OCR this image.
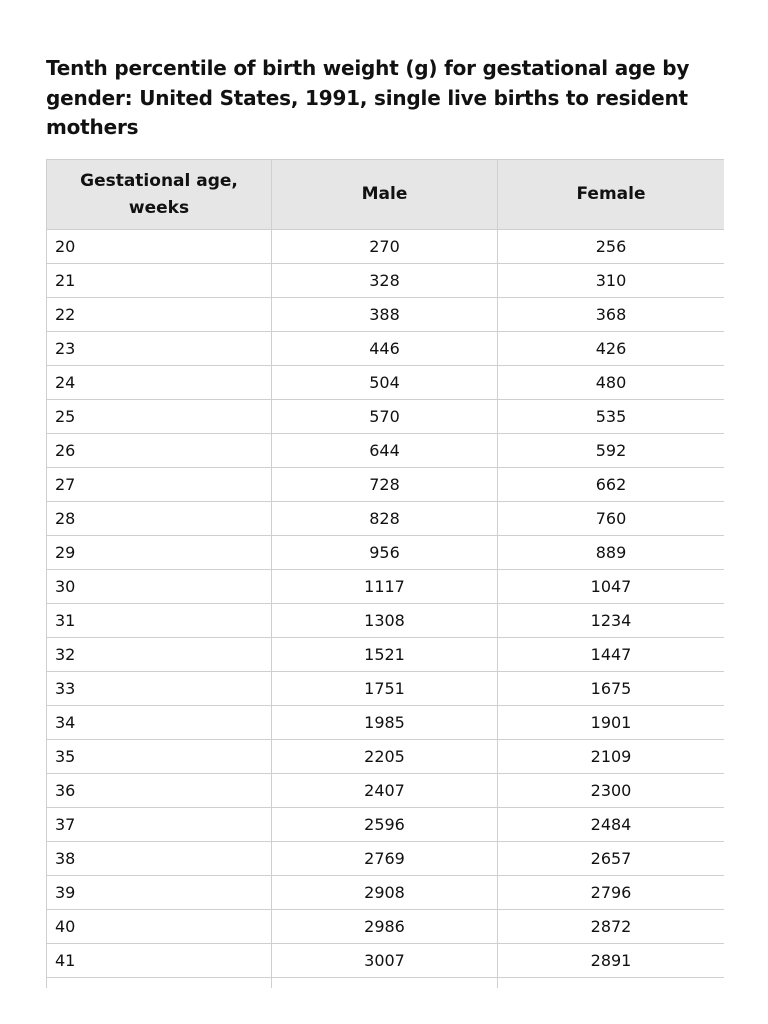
Tenth percentile of birth weight (g) for gestational age by gender: United States, 1991, single live births to resident mothers
Gestational age, weeks	Male	Female
20	270	256
21	328	310
22	388	368
23	446	426
24	504	480
25	570	535
26	644	592
27	728	662
28	828	760
29	956	889
30	1117	1047
31	1308	1234
32	1521	1447
33	1751	1675
34	1985	1901
35	2205	2109
36	2407	2300
37	2596	2484
38	2769	2657
39	2908	2796
40	2986	2872
41	3007	2891
